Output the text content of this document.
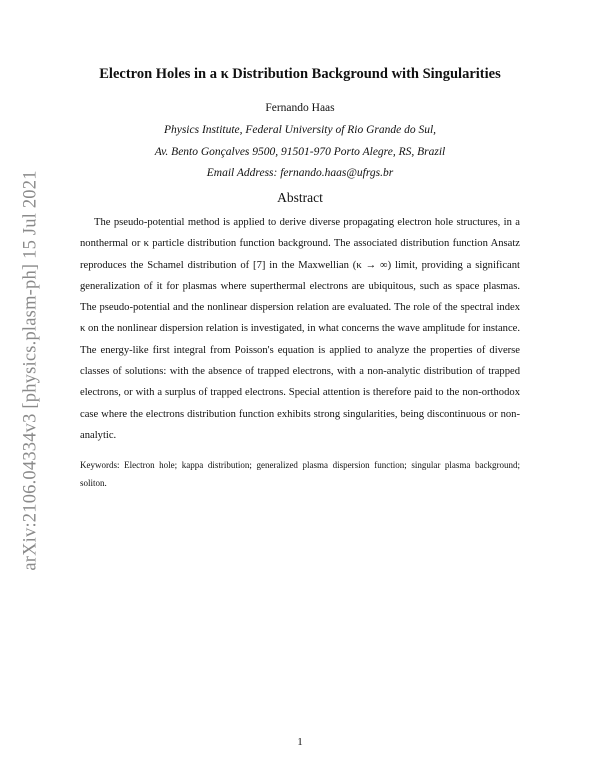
arXiv:2106.04334v3 [physics.plasm-ph] 15 Jul 2021
Electron Holes in a κ Distribution Background with Singularities
Fernando Haas
Physics Institute, Federal University of Rio Grande do Sul,
Av. Bento Gonçalves 9500, 91501-970 Porto Alegre, RS, Brazil
Email Address: fernando.haas@ufrgs.br
Abstract

The pseudo-potential method is applied to derive diverse propagating electron hole structures, in a nonthermal or κ particle distribution function background. The associated distribution function Ansatz reproduces the Schamel distribution of [7] in the Maxwellian (κ → ∞) limit, providing a significant generalization of it for plasmas where superthermal electrons are ubiquitous, such as space plasmas. The pseudo-potential and the nonlinear dispersion relation are evaluated. The role of the spectral index κ on the nonlinear dispersion relation is investigated, in what concerns the wave amplitude for instance. The energy-like first integral from Poisson's equation is applied to analyze the properties of diverse classes of solutions: with the absence of trapped electrons, with a non-analytic distribution of trapped electrons, or with a surplus of trapped electrons. Special attention is therefore paid to the non-orthodox case where the electrons distribution function exhibits strong singularities, being discontinuous or non-analytic.

Keywords: Electron hole; kappa distribution; generalized plasma dispersion function; singular plasma background; soliton.
1
